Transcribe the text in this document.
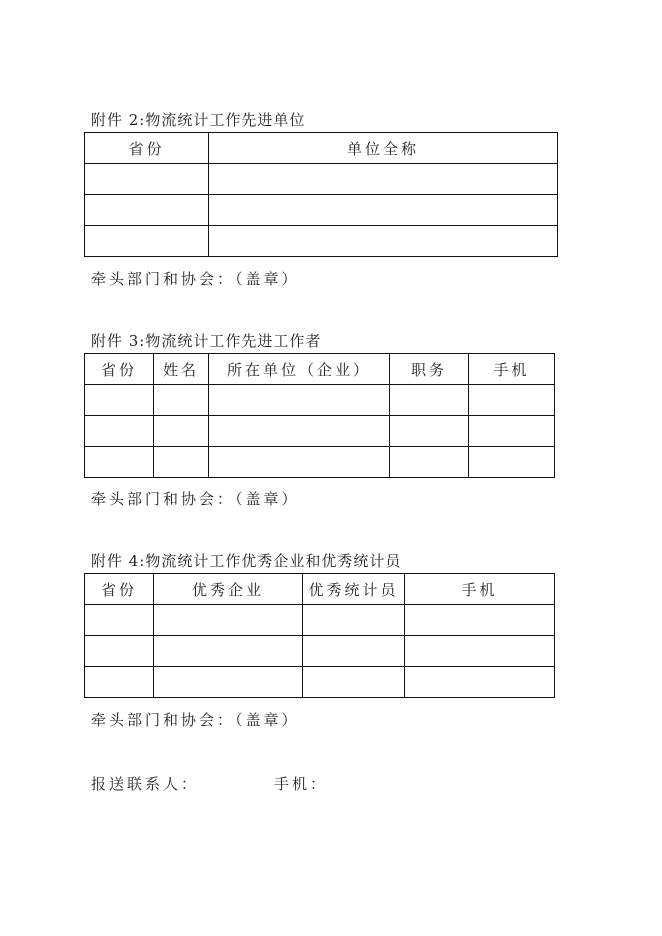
附件 2:物流统计工作先进单位
省份	单位全称

牵头部门和协会：（盖章）
附件 3:物流统计工作先进工作者
省份	姓名	所在单位（企业）	职务	手机

牵头部门和协会：（盖章）
附件 4:物流统计工作优秀企业和优秀统计员
省份	优秀企业	优秀统计员	手机

牵头部门和协会：（盖章）
报送联系人：	手机：
